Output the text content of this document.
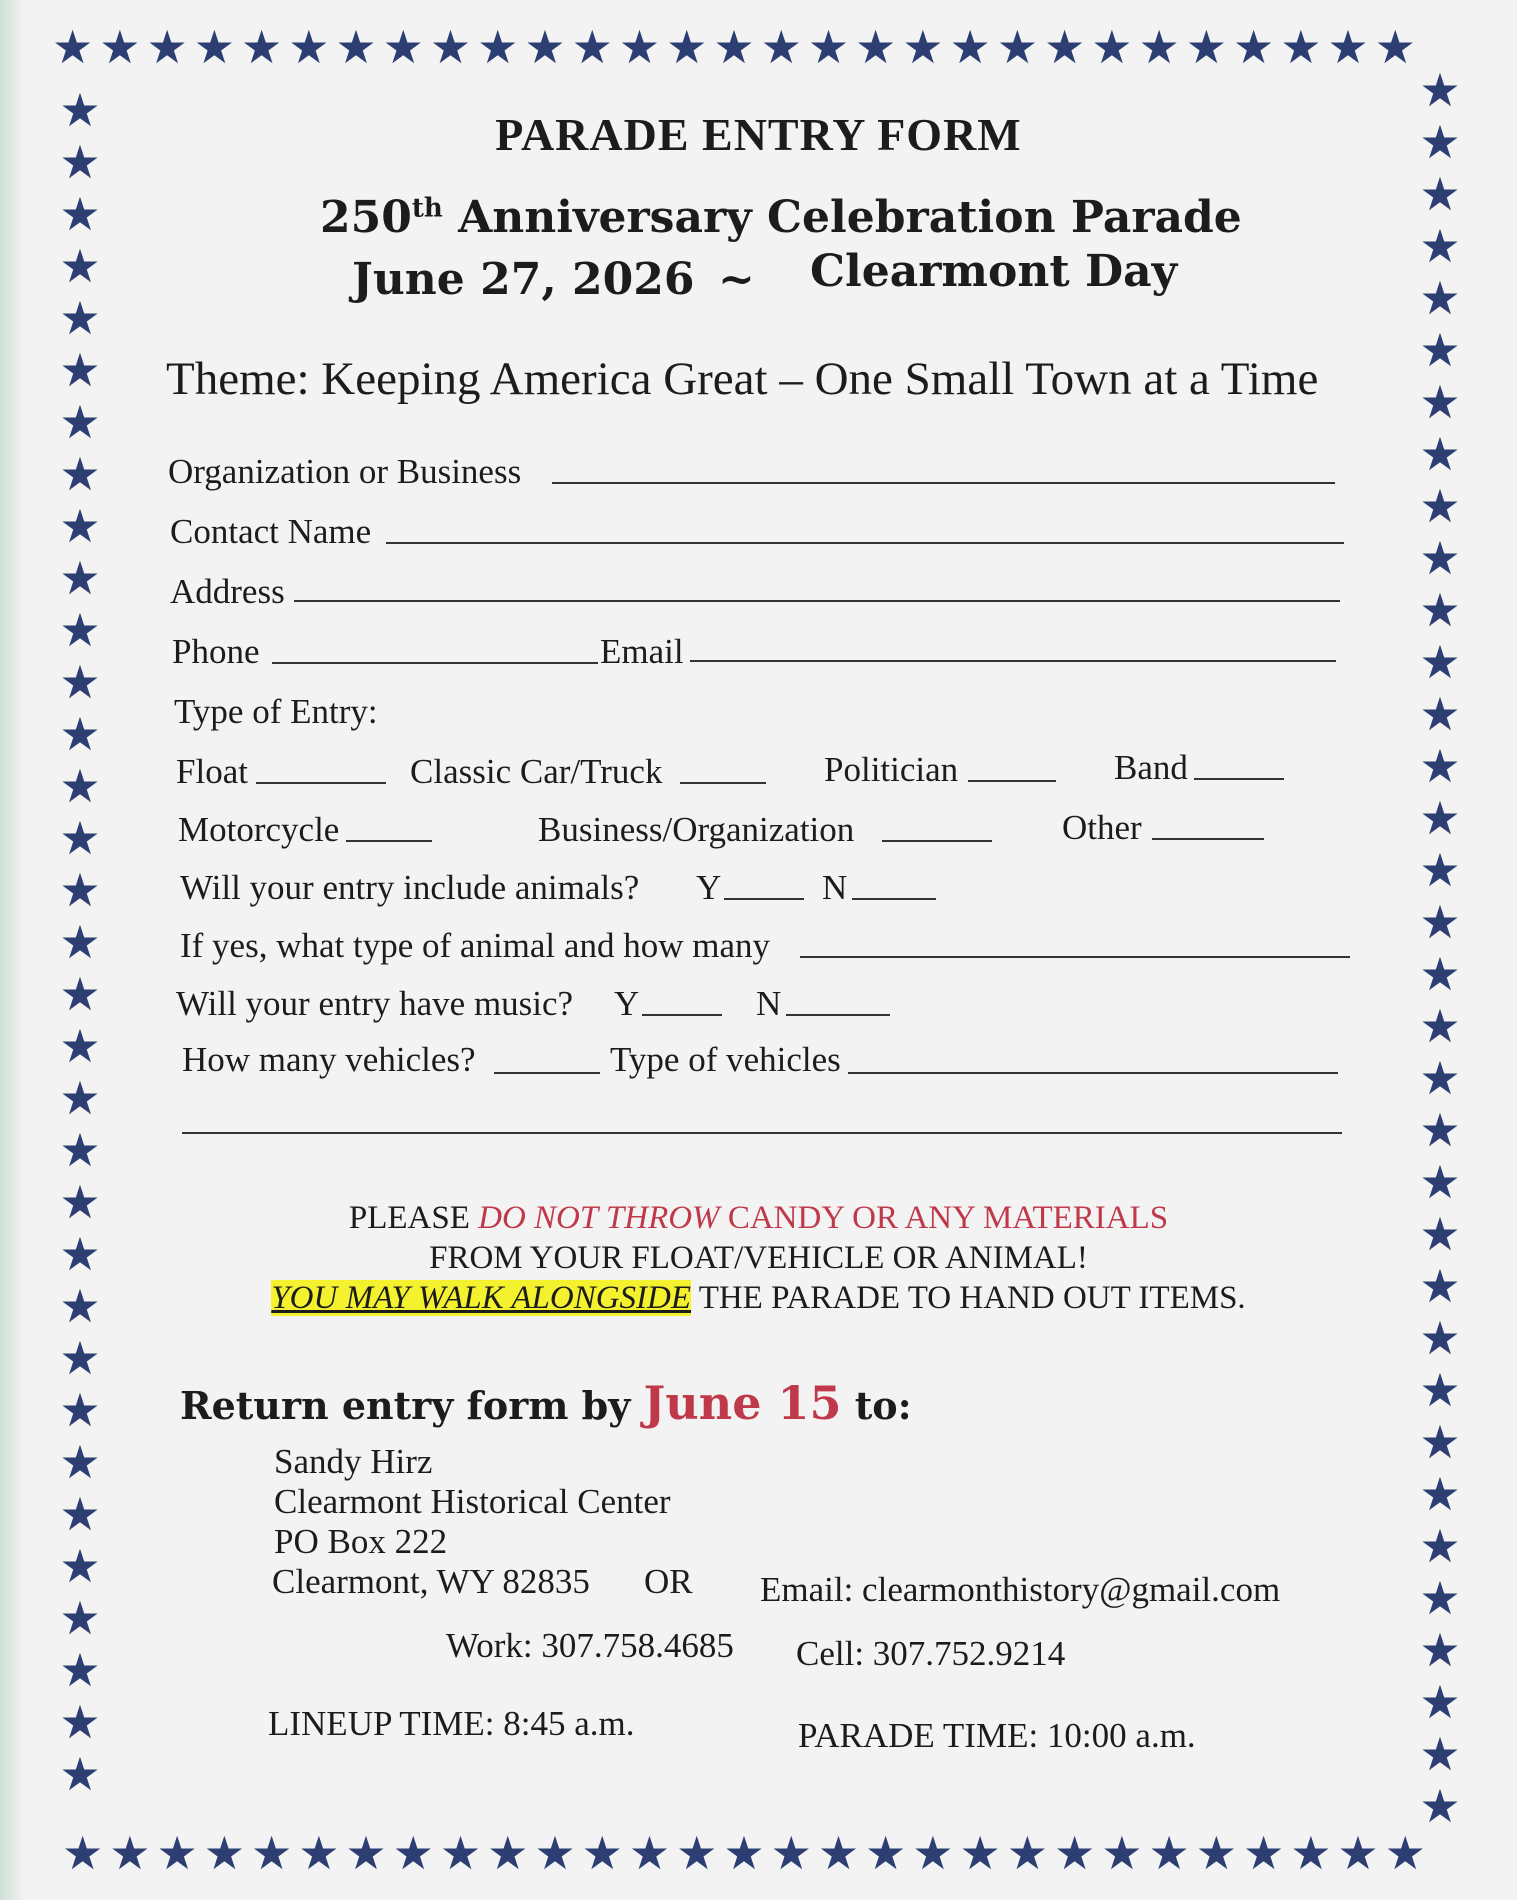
★★★★★★★★★★★★★★★★★★★★★★★★★★★★★
★★★★★★★★★★★★★★★★★★★★★★★★★★★★★
★★★★★★★★★★★★★★★★★★★★★★★★★★★★★★★★★
★★★★★★★★★★★★★★★★★★★★★★★★★★★★★★★★★★
PARADE ENTRY FORM
250th Anniversary Celebration Parade
June 27, 2026 ~ Clearmont Day
Theme: Keeping America Great – One Small Town at a Time
Organization or Business
Contact Name
Address
Phone	Email
Type of Entry:
Float	Classic Car/Truck	Politician	Band
Motorcycle	Business/Organization	Other
Will your entry include animals? Y	N
If yes, what type of animal and how many
Will your entry have music? Y	N
How many vehicles?	Type of vehicles
PLEASE DO NOT THROW CANDY OR ANY MATERIALS
FROM YOUR FLOAT/VEHICLE OR ANIMAL!
YOU MAY WALK ALONGSIDE THE PARADE TO HAND OUT ITEMS.
Return entry form by June 15 to:
Sandy Hirz
Clearmont Historical Center
PO Box 222
Clearmont, WY 82835 OR Email: clearmonthistory@gmail.com
Work: 307.758.4685 Cell: 307.752.9214
LINEUP TIME: 8:45 a.m.	PARADE TIME: 10:00 a.m.
